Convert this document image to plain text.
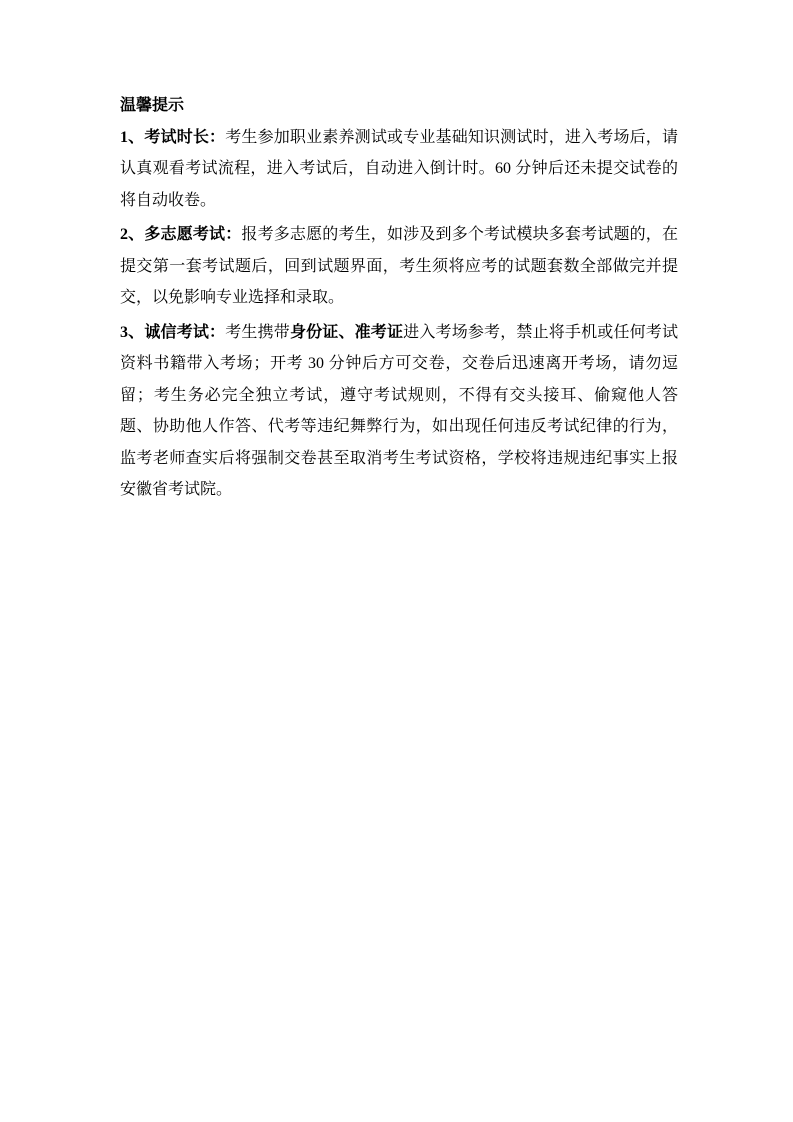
温馨提示

1、考试时长：考生参加职业素养测试或专业基础知识测试时，进入考场后，请认真观看考试流程，进入考试后，自动进入倒计时。60 分钟后还未提交试卷的将自动收卷。

2、多志愿考试：报考多志愿的考生，如涉及到多个考试模块多套考试题的，在提交第一套考试题后，回到试题界面，考生须将应考的试题套数全部做完并提交，以免影响专业选择和录取。

3、诚信考试：考生携带身份证、准考证进入考场参考，禁止将手机或任何考试资料书籍带入考场；开考 30 分钟后方可交卷，交卷后迅速离开考场，请勿逗留；考生务必完全独立考试，遵守考试规则，不得有交头接耳、偷窥他人答题、协助他人作答、代考等违纪舞弊行为，如出现任何违反考试纪律的行为，监考老师查实后将强制交卷甚至取消考生考试资格，学校将违规违纪事实上报安徽省考试院。
